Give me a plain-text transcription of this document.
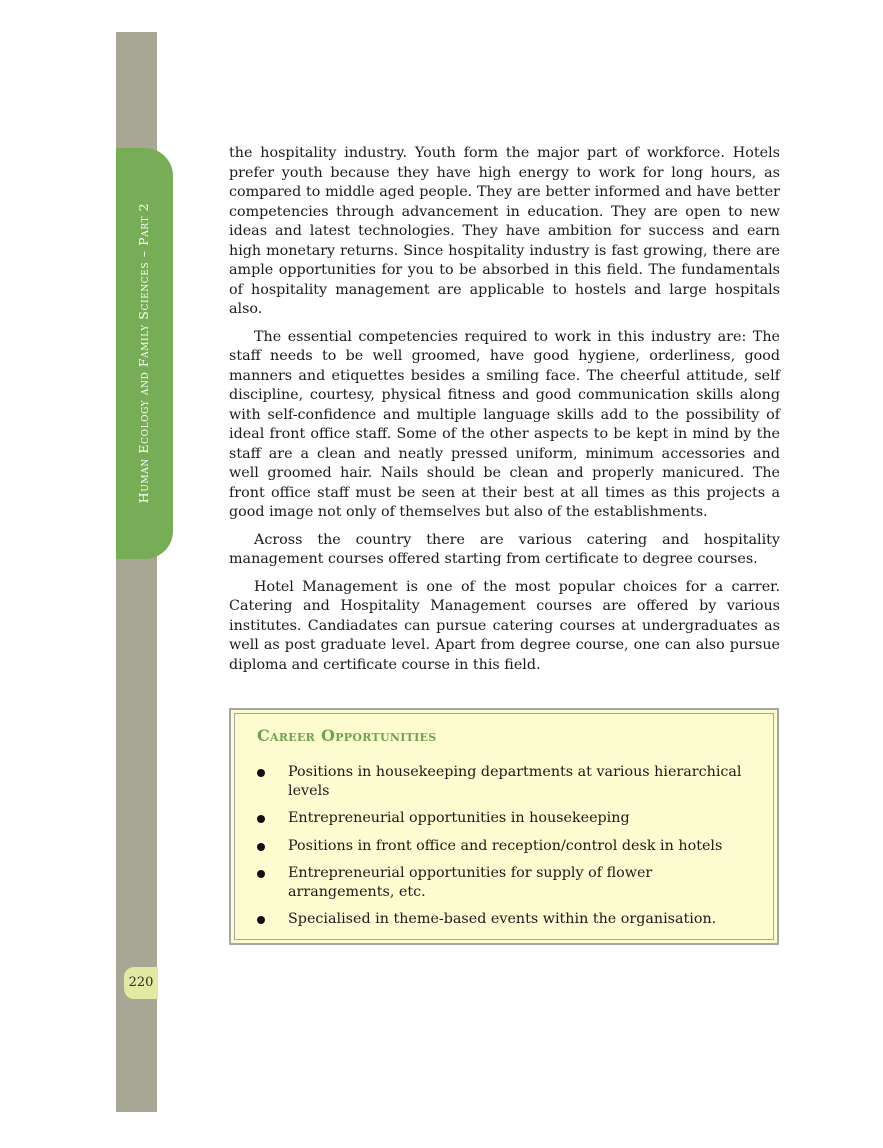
Human Ecology and Family Sciences – Part 2
220

the hospitality industry. Youth form the major part of workforce. Hotels prefer youth because they have high energy to work for long hours, as compared to middle aged people. They are better informed and have better competencies through advancement in education. They are open to new ideas and latest technologies. They have ambition for success and earn high monetary returns. Since hospitality industry is fast growing, there are ample opportunities for you to be absorbed in this field. The fundamentals of hospitality management are applicable to hostels and large hospitals also.

The essential competencies required to work in this industry are: The staff needs to be well groomed, have good hygiene, orderliness, good manners and etiquettes besides a smiling face. The cheerful attitude, self discipline, courtesy, physical fitness and good communication skills along with self-confidence and multiple language skills add to the possibility of ideal front office staff. Some of the other aspects to be kept in mind by the staff are a clean and neatly pressed uniform, minimum accessories and well groomed hair. Nails should be clean and properly manicured. The front office staff must be seen at their best at all times as this projects a good image not only of themselves but also of the establishments.

Across the country there are various catering and hospitality management courses offered starting from certificate to degree courses.

Hotel Management is one of the most popular choices for a carrer. Catering and Hospitality Management courses are offered by various institutes. Candiadates can pursue catering courses at undergraduates as well as post graduate level. Apart from degree course, one can also pursue diploma and certificate course in this field.

Career Opportunities
Positions in housekeeping departments at various hierarchical levels
Entrepreneurial opportunities in housekeeping
Positions in front office and reception/control desk in hotels
Entrepreneurial opportunities for supply of flower arrangements, etc.
Specialised in theme-based events within the organisation.
